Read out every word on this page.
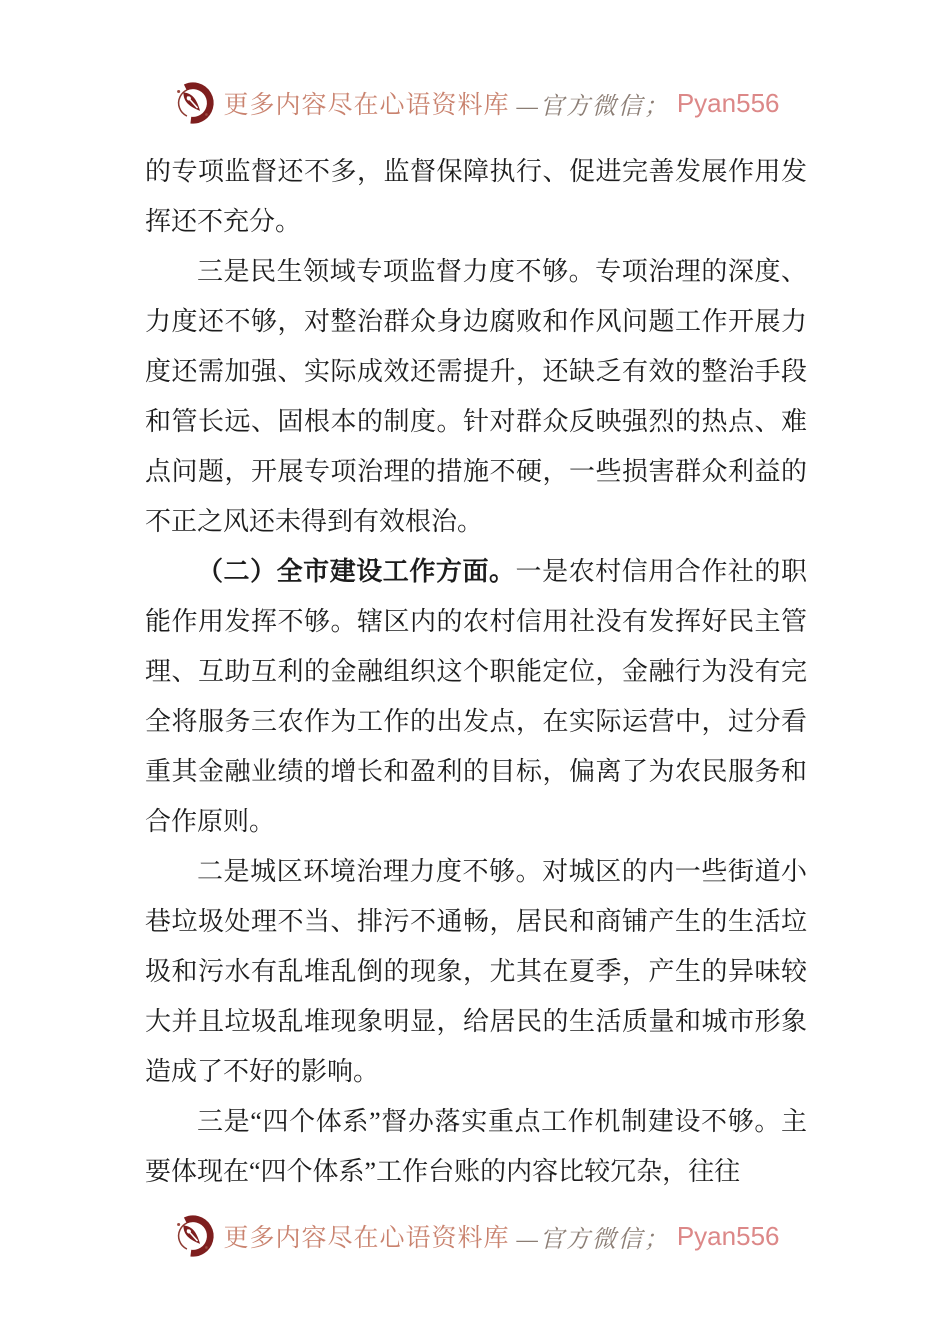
更多内容尽在心语资料库 —官方微信； Pyan556

的专项监督还不多，监督保障执行、促进完善发展作用发挥还不充分。

三是民生领域专项监督力度不够。专项治理的深度、力度还不够，对整治群众身边腐败和作风问题工作开展力度还需加强、实际成效还需提升，还缺乏有效的整治手段和管长远、固根本的制度。针对群众反映强烈的热点、难点问题，开展专项治理的措施不硬，一些损害群众利益的不正之风还未得到有效根治。

（二）全市建设工作方面。一是农村信用合作社的职能作用发挥不够。辖区内的农村信用社没有发挥好民主管理、互助互利的金融组织这个职能定位，金融行为没有完全将服务三农作为工作的出发点，在实际运营中，过分看重其金融业绩的增长和盈利的目标，偏离了为农民服务和合作原则。

二是城区环境治理力度不够。对城区的内一些街道小巷垃圾处理不当、排污不通畅，居民和商铺产生的生活垃圾和污水有乱堆乱倒的现象，尤其在夏季，产生的异味较大并且垃圾乱堆现象明显，给居民的生活质量和城市形象造成了不好的影响。

三是“四个体系”督办落实重点工作机制建设不够。主要体现在“四个体系”工作台账的内容比较冗杂，往往

更多内容尽在心语资料库 —官方微信； Pyan556
